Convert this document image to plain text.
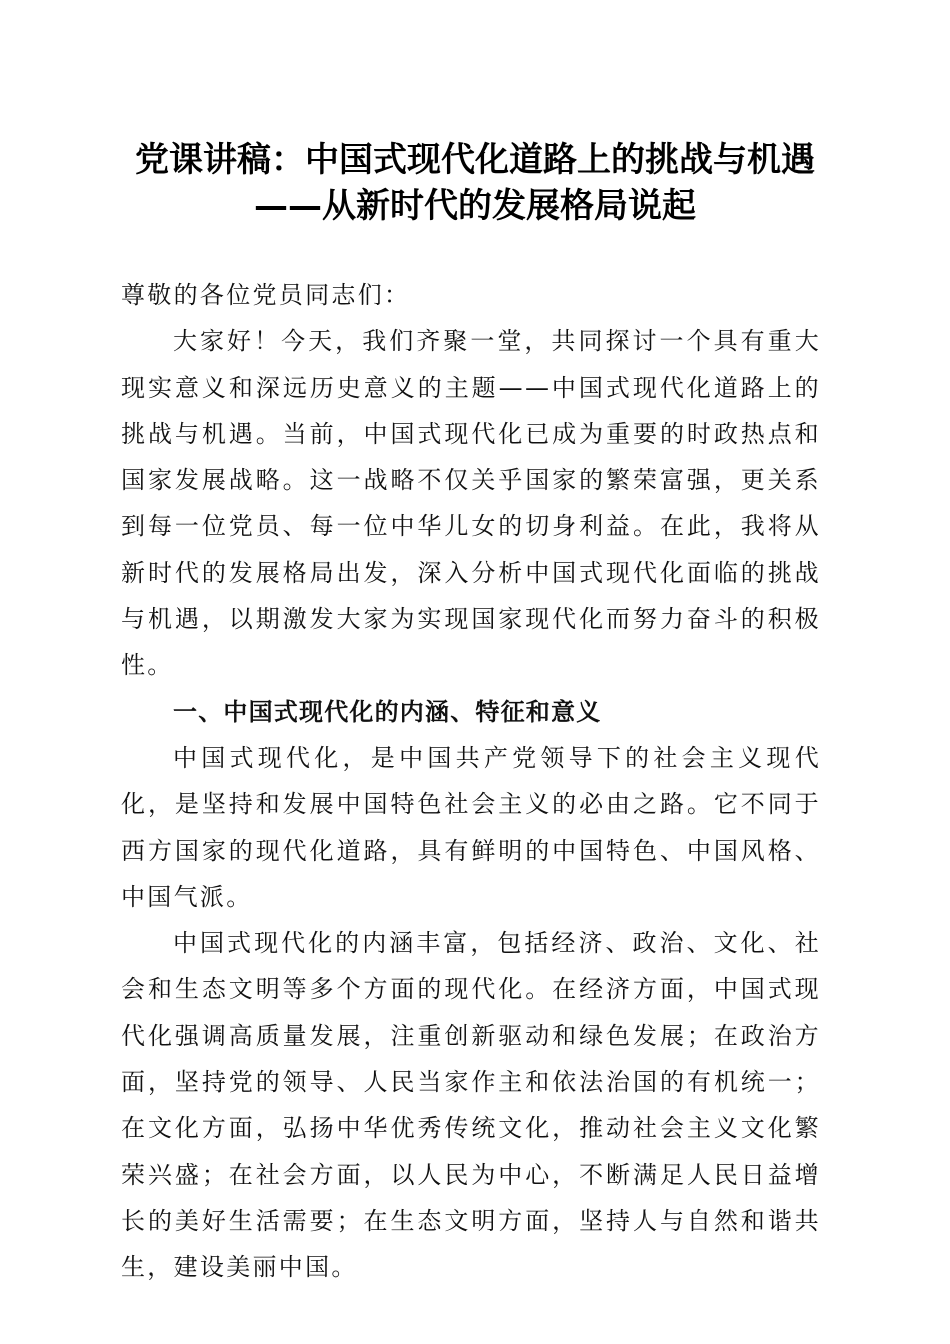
党课讲稿：中国式现代化道路上的挑战与机遇
——从新时代的发展格局说起

尊敬的各位党员同志们：

大家好！今天，我们齐聚一堂，共同探讨一个具有重大现实意义和深远历史意义的主题——中国式现代化道路上的挑战与机遇。当前，中国式现代化已成为重要的时政热点和国家发展战略。这一战略不仅关乎国家的繁荣富强，更关系到每一位党员、每一位中华儿女的切身利益。在此，我将从新时代的发展格局出发，深入分析中国式现代化面临的挑战与机遇，以期激发大家为实现国家现代化而努力奋斗的积极性。

一、中国式现代化的内涵、特征和意义

中国式现代化，是中国共产党领导下的社会主义现代化，是坚持和发展中国特色社会主义的必由之路。它不同于西方国家的现代化道路，具有鲜明的中国特色、中国风格、中国气派。

中国式现代化的内涵丰富，包括经济、政治、文化、社会和生态文明等多个方面的现代化。在经济方面，中国式现代化强调高质量发展，注重创新驱动和绿色发展；在政治方面，坚持党的领导、人民当家作主和依法治国的有机统一；在文化方面，弘扬中华优秀传统文化，推动社会主义文化繁荣兴盛；在社会方面，以人民为中心，不断满足人民日益增长的美好生活需要；在生态文明方面，坚持人与自然和谐共生，建设美丽中国。
